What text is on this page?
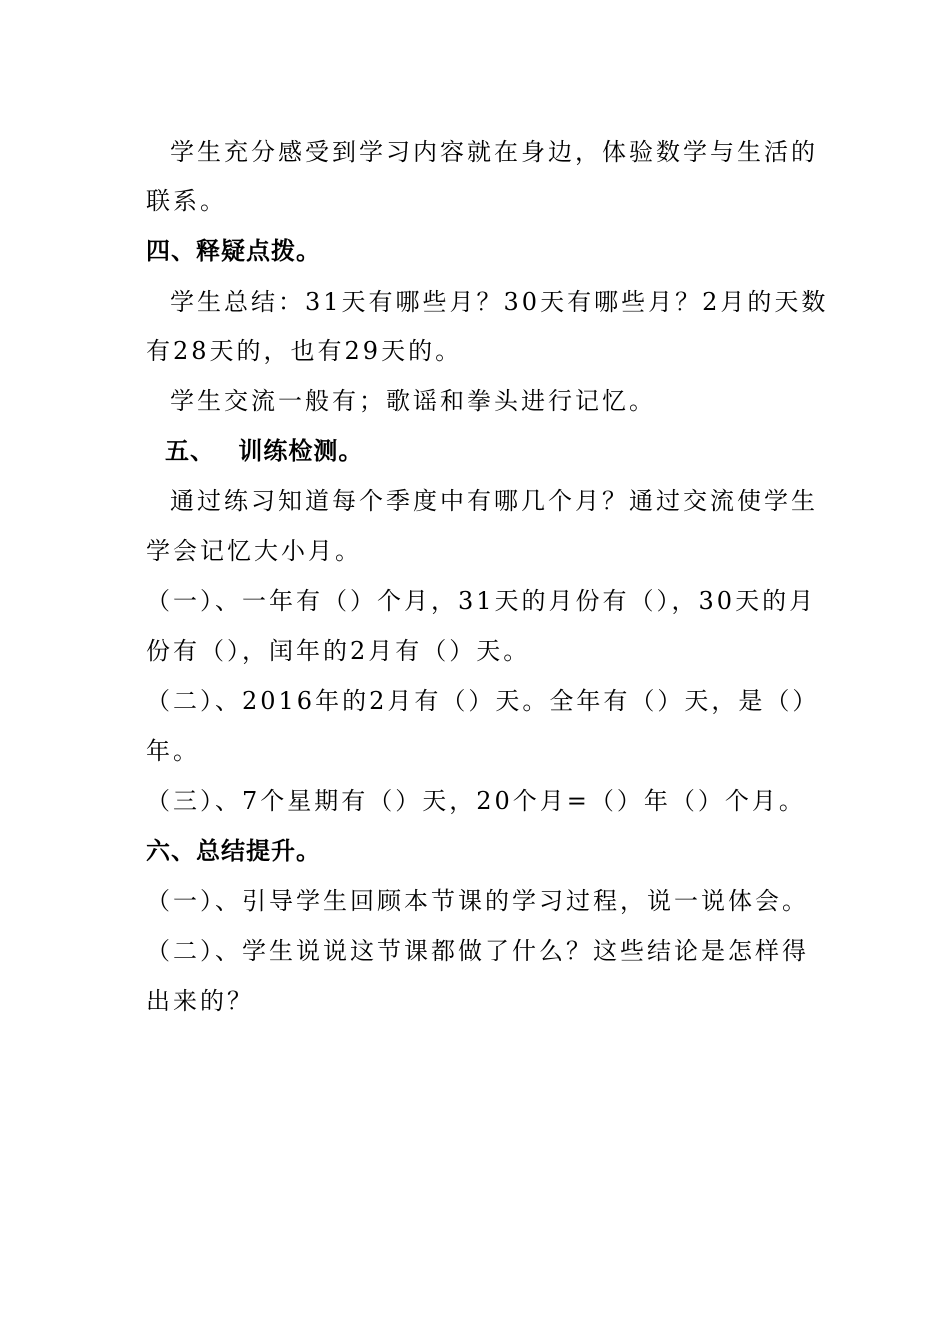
学生充分感受到学习内容就在身边，体验数学与生活的
联系。
四、释疑点拨。
学生总结：31天有哪些月？30天有哪些月？2月的天数
有28天的，也有29天的。
学生交流一般有；歌谣和拳头进行记忆。
五、 训练检测。
通过练习知道每个季度中有哪几个月？通过交流使学生
学会记忆大小月。
（一）、一年有（）个月，31天的月份有（），30天的月
份有（），闰年的2月有（）天。
（二）、2016年的2月有（）天。全年有（）天，是（）
年。
（三）、7个星期有（）天，20个月=（）年（）个月。
六、总结提升。
（一）、引导学生回顾本节课的学习过程，说一说体会。
（二）、学生说说这节课都做了什么？这些结论是怎样得
出来的？
